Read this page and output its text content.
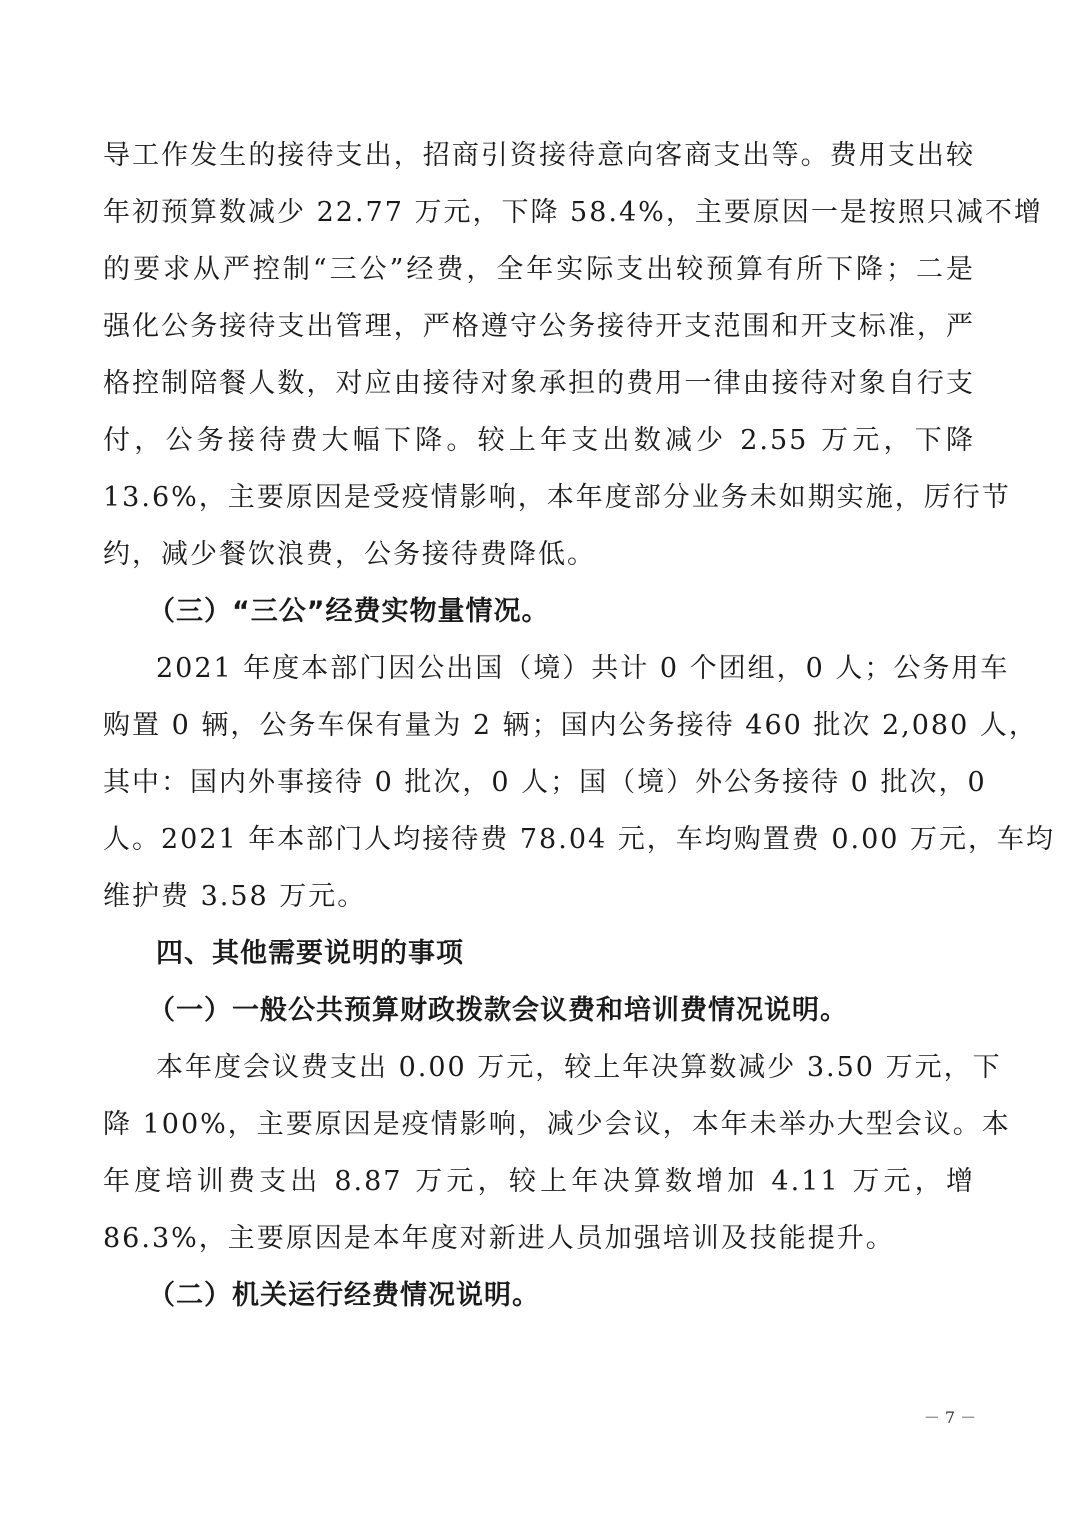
导工作发生的接待支出，招商引资接待意向客商支出等。费用支出较
年初预算数减少 22.77 万元，下降 58.4%，主要原因一是按照只减不增
的要求从严控制“三公”经费，全年实际支出较预算有所下降；二是
强化公务接待支出管理，严格遵守公务接待开支范围和开支标准，严
格控制陪餐人数，对应由接待对象承担的费用一律由接待对象自行支
付，公务接待费大幅下降。较上年支出数减少 2.55 万元，下降
13.6%，主要原因是受疫情影响，本年度部分业务未如期实施，厉行节
约，减少餐饮浪费，公务接待费降低。
（三）“三公”经费实物量情况。
2021 年度本部门因公出国（境）共计 0 个团组，0 人；公务用车
购置 0 辆，公务车保有量为 2 辆；国内公务接待 460 批次 2,080 人，
其中：国内外事接待 0 批次，0 人；国（境）外公务接待 0 批次，0
人。2021 年本部门人均接待费 78.04 元，车均购置费 0.00 万元，车均
维护费 3.58 万元。
四、其他需要说明的事项
（一）一般公共预算财政拨款会议费和培训费情况说明。
本年度会议费支出 0.00 万元，较上年决算数减少 3.50 万元，下
降 100%，主要原因是疫情影响，减少会议，本年未举办大型会议。本
年度培训费支出 8.87 万元，较上年决算数增加 4.11 万元，增
86.3%，主要原因是本年度对新进人员加强培训及技能提升。
（二）机关运行经费情况说明。
－ 7 －
